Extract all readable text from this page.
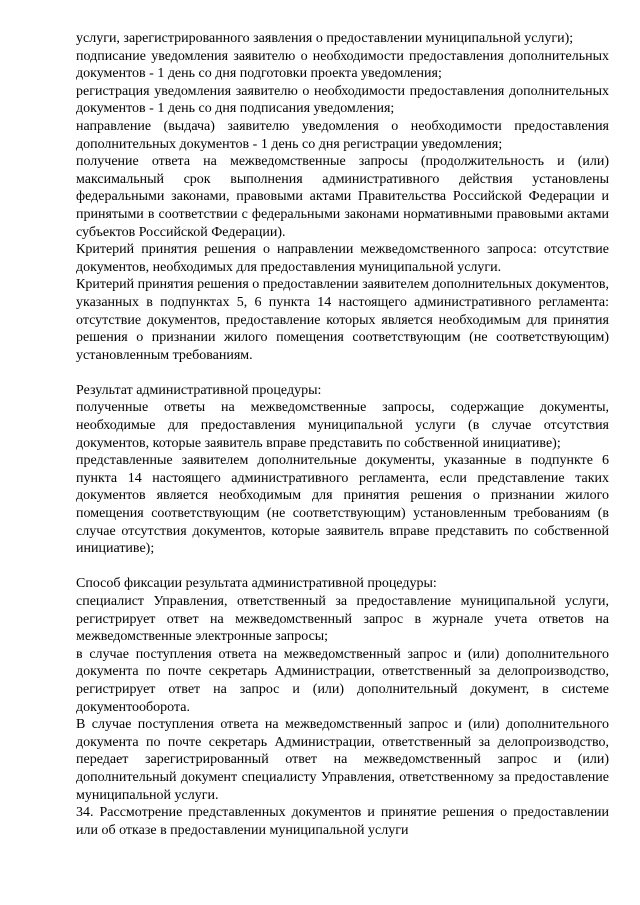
услуги, зарегистрированного заявления о предоставлении муниципальной услуги);

подписание уведомления заявителю о необходимости предоставления дополнительных документов - 1 день со дня подготовки проекта уведомления;

регистрация уведомления заявителю о необходимости предоставления дополнительных документов - 1 день со дня подписания уведомления;

направление (выдача) заявителю уведомления о необходимости предоставления дополнительных документов - 1 день со дня регистрации уведомления;

получение ответа на межведомственные запросы (продолжительность и (или) максимальный срок выполнения административного действия установлены федеральными законами, правовыми актами Правительства Российской Федерации и принятыми в соответствии с федеральными законами нормативными правовыми актами субъектов Российской Федерации).

Критерий принятия решения о направлении межведомственного запроса: отсутствие документов, необходимых для предоставления муниципальной услуги.

Критерий принятия решения о предоставлении заявителем дополнительных документов, указанных в подпунктах 5, 6 пункта 14 настоящего административного регламента: отсутствие документов, предоставление которых является необходимым для принятия решения о признании жилого помещения соответствующим (не соответствующим) установленным требованиям.

Результат административной процедуры:

полученные ответы на межведомственные запросы, содержащие документы, необходимые для предоставления муниципальной услуги (в случае отсутствия документов, которые заявитель вправе представить по собственной инициативе);

представленные заявителем дополнительные документы, указанные в подпункте 6 пункта 14 настоящего административного регламента, если представление таких документов является необходимым для принятия решения о признании жилого помещения соответствующим (не соответствующим) установленным требованиям (в случае отсутствия документов, которые заявитель вправе представить по собственной инициативе);

Способ фиксации результата административной процедуры:

специалист Управления, ответственный за предоставление муниципальной услуги, регистрирует ответ на межведомственный запрос в журнале учета ответов на межведомственные электронные запросы;

в случае поступления ответа на межведомственный запрос и (или) дополнительного документа по почте секретарь Администрации, ответственный за делопроизводство, регистрирует ответ на запрос и (или) дополнительный документ, в системе документооборота.

В случае поступления ответа на межведомственный запрос и (или) дополнительного документа по почте секретарь Администрации, ответственный за делопроизводство, передает зарегистрированный ответ на межведомственный запрос и (или) дополнительный документ специалисту Управления, ответственному за предоставление муниципальной услуги.

34. Рассмотрение представленных документов и принятие решения о предоставлении или об отказе в предоставлении муниципальной услуги
